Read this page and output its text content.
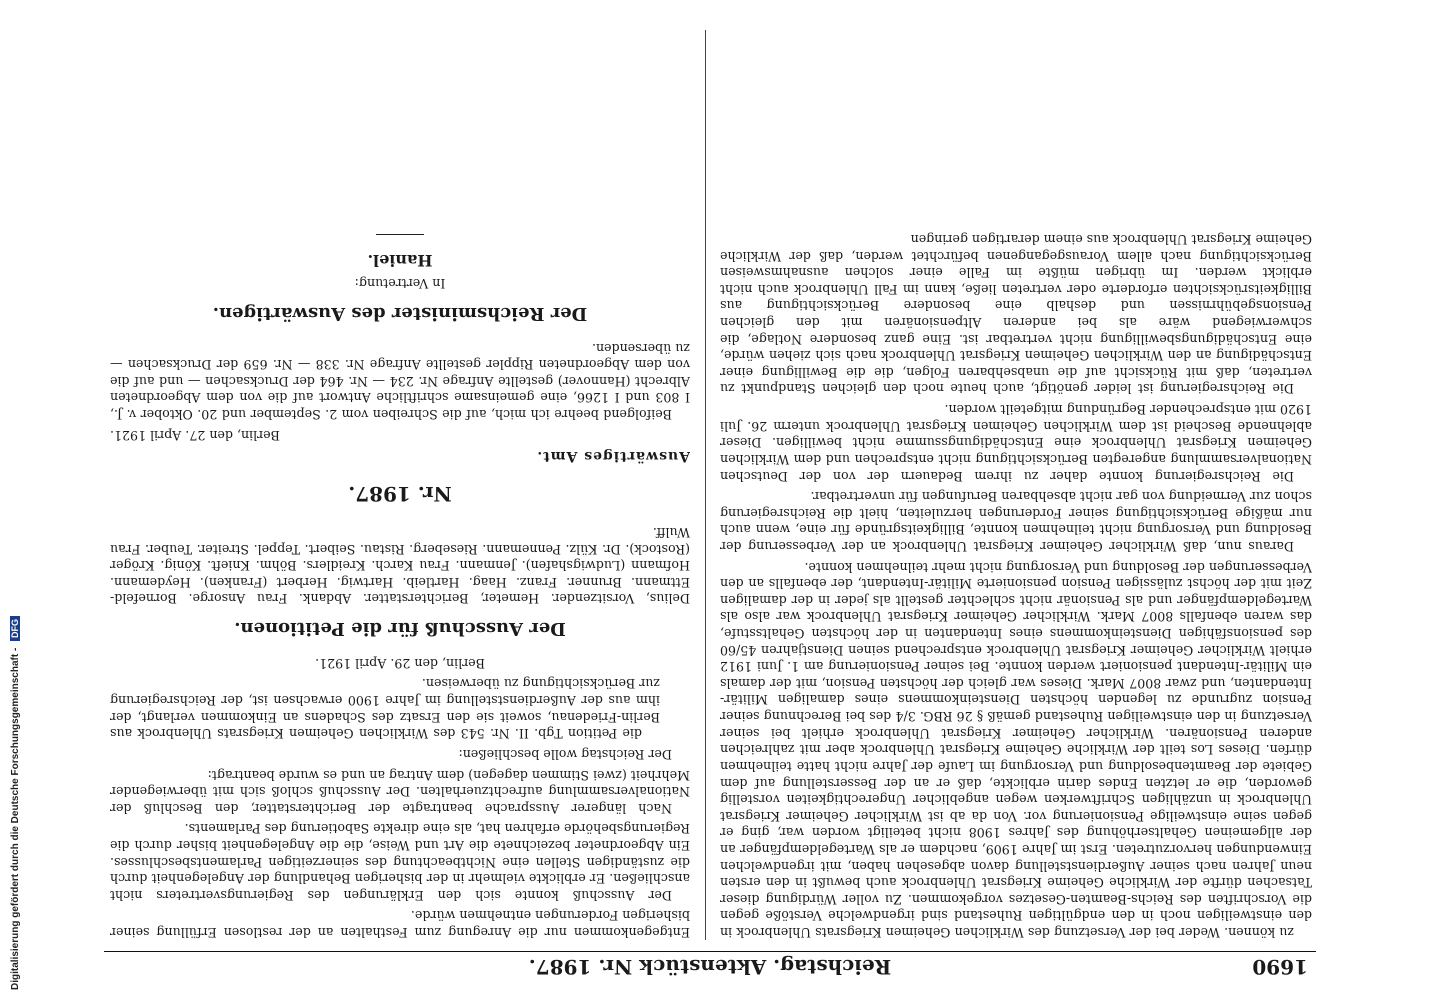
Digitalisierung gefördert durch die Deutsche Forschungsgemeinschaft - DFG
1690
Reichstag. Aktenstück Nr. 1987.

zu können. Weder bei der Versetzung des Wirklichen Geheimen Kriegsrats Uhlenbrock in den einstweiligen noch in den endgültigen Ruhestand sind irgendwelche Verstöße gegen die Vorschriften des Reichs-Beamten-Gesetzes vorgekommen. Zu voller Würdigung dieser Tatsachen dürfte der Wirkliche Geheime Kriegsrat Uhlenbrock auch bewußt in den ersten neun Jahren nach seiner Außerdienststellung davon abgesehen haben, mit irgendwelchen Einwendungen hervorzutreten. Erst im Jahre 1909, nachdem er als Wartegeldempfänger an der allgemeinen Gehaltserhöhung des Jahres 1908 nicht beteiligt worden war, ging er gegen seine einstweilige Pensionierung vor. Von da ab ist Wirklicher Geheimer Kriegsrat Uhlenbrock in unzähligen Schriftwerken wegen angeblicher Ungerechtigkeiten vorstellig geworden, die er letzten Endes darin erblickte, daß er an der Besserstellung auf dem Gebiete der Beamtenbesoldung und Versorgung im Laufe der Jahre nicht hatte teilnehmen dürfen. Dieses Los teilt der Wirkliche Geheime Kriegsrat Uhlenbrock aber mit zahlreichen anderen Pensionären. Wirklicher Geheimer Kriegsrat Uhlenbrock erhielt bei seiner Versetzung in den einstweiligen Ruhestand gemäß § 26 RBG. 3/4 des bei Berechnung seiner Pension zugrunde zu legenden höchsten Diensteinkommens eines damaligen Militär-Intendanten, und zwar 8007 Mark. Dieses war gleich der höchsten Pension, mit der damals ein Militär-Intendant pensioniert werden konnte. Bei seiner Pensionierung am 1. Juni 1912 erhielt Wirklicher Geheimer Kriegsrat Uhlenbrock entsprechend seinen Dienstjahren 45/60 des pensionsfähigen Diensteinkommens eines Intendanten in der höchsten Gehaltsstufe, das waren ebenfalls 8007 Mark. Wirklicher Geheimer Kriegsrat Uhlenbrock war also als Wartegeldempfänger und als Pensionär nicht schlechter gestellt als jeder in der damaligen Zeit mit der höchst zulässigen Pension pensionierte Militär-Intendant, der ebenfalls an den Verbesserungen der Besoldung und Versorgung nicht mehr teilnehmen konnte.

Daraus nun, daß Wirklicher Geheimer Kriegsrat Uhlenbrock an der Verbesserung der Besoldung und Versorgung nicht teilnehmen konnte, Billigkeitsgründe für eine, wenn auch nur mäßige Berücksichtigung seiner Forderungen herzuleiten, hielt die Reichsregierung schon zur Vermeidung von gar nicht absehbaren Berufungen für unvertretbar.

Die Reichsregierung konnte daher zu ihrem Bedauern der von der Deutschen Nationalversammlung angeregten Berücksichtigung nicht entsprechen und dem Wirklichen Geheimen Kriegsrat Uhlenbrock eine Entschädigungssumme nicht bewilligen. Dieser ablehnende Bescheid ist dem Wirklichen Geheimen Kriegsrat Uhlenbrock unterm 26. Juli 1920 mit entsprechender Begründung mitgeteilt worden.

Die Reichsregierung ist leider genötigt, auch heute noch den gleichen Standpunkt zu vertreten, daß mit Rücksicht auf die unabsehbaren Folgen, die die Bewilligung einer Entschädigung an den Wirklichen Geheimen Kriegsrat Uhlenbrock nach sich ziehen würde, eine Entschädigungsbewilligung nicht vertretbar ist. Eine ganz besondere Notlage, die schwerwiegend wäre als bei anderen Altpensionären mit den gleichen Pensionsgebührnissen und deshalb eine besondere Berücksichtigung aus Billigkeitsrücksichten erforderte oder vertreten ließe, kann im Fall Uhlenbrock auch nicht erblickt werden. Im übrigen müßte im Falle einer solchen ausnahmsweisen Berücksichtigung nach allem Vorausgegangenen befürchtet werden, daß der Wirkliche Geheime Kriegsrat Uhlenbrock aus einem derartigen geringen

Entgegenkommen nur die Anregung zum Festhalten an der restlosen Erfüllung seiner bisherigen Forderungen entnehmen würde.

Der Ausschuß konnte sich den Erklärungen des Regierungsvertreters nicht anschließen. Er erblickte vielmehr in der bisherigen Behandlung der Angelegenheit durch die zuständigen Stellen eine Nichtbeachtung des seinerzeitigen Parlamentsbeschlusses. Ein Abgeordneter bezeichnete die Art und Weise, die die Angelegenheit bisher durch die Regierungsbehörde erfahren hat, als eine direkte Sabotierung des Parlaments.

Nach längerer Aussprache beantragte der Berichterstatter, den Beschluß der Nationalversammlung aufrechtzuerhalten. Der Ausschuß schloß sich mit überwiegender Mehrheit (zwei Stimmen dagegen) dem Antrag an und es wurde beantragt:

Der Reichstag wolle beschließen:

die Petition Tgb. II. Nr. 543 des Wirklichen Geheimen Kriegsrats Uhlenbrock aus Berlin-Friedenau, soweit sie den Ersatz des Schadens an Einkommen verlangt, der ihm aus der Außerdienststellung im Jahre 1900 erwachsen ist, der Reichsregierung zur Berücksichtigung zu überweisen.

Berlin, den 29. April 1921.

Der Ausschuß für die Petitionen.

Delius, Vorsitzender. Hemeter, Berichterstatter. Abdank. Frau Ansorge. Bornefeld-Ettmann. Brunner. Franz. Haag. Hartleib. Hartwig. Herbert (Franken). Heydemann. Hofmann (Ludwigshafen). Jenmann. Frau Karch. Kreidlers. Böhm. Knieft. König. Kröger (Rostock). Dr. Külz. Pennemann. Rieseberg. Ristau. Seibert. Teppel. Streiter. Teuber. Frau Wulff.

Nr. 1987.

Auswärtiges Amt.

Berlin, den 27. April 1921.

Beifolgend beehre ich mich, auf die Schreiben vom 2. September und 20. Oktober v. J., I 803 und I 1266, eine gemeinsame schriftliche Antwort auf die von dem Abgeordneten Albrecht (Hannover) gestellte Anfrage Nr. 234 — Nr. 464 der Drucksachen — und auf die von dem Abgeordneten Rippler gestellte Anfrage Nr. 338 — Nr. 659 der Drucksachen — zu übersenden.

Der Reichsminister des Auswärtigen.

In Vertretung:

Haniel.
